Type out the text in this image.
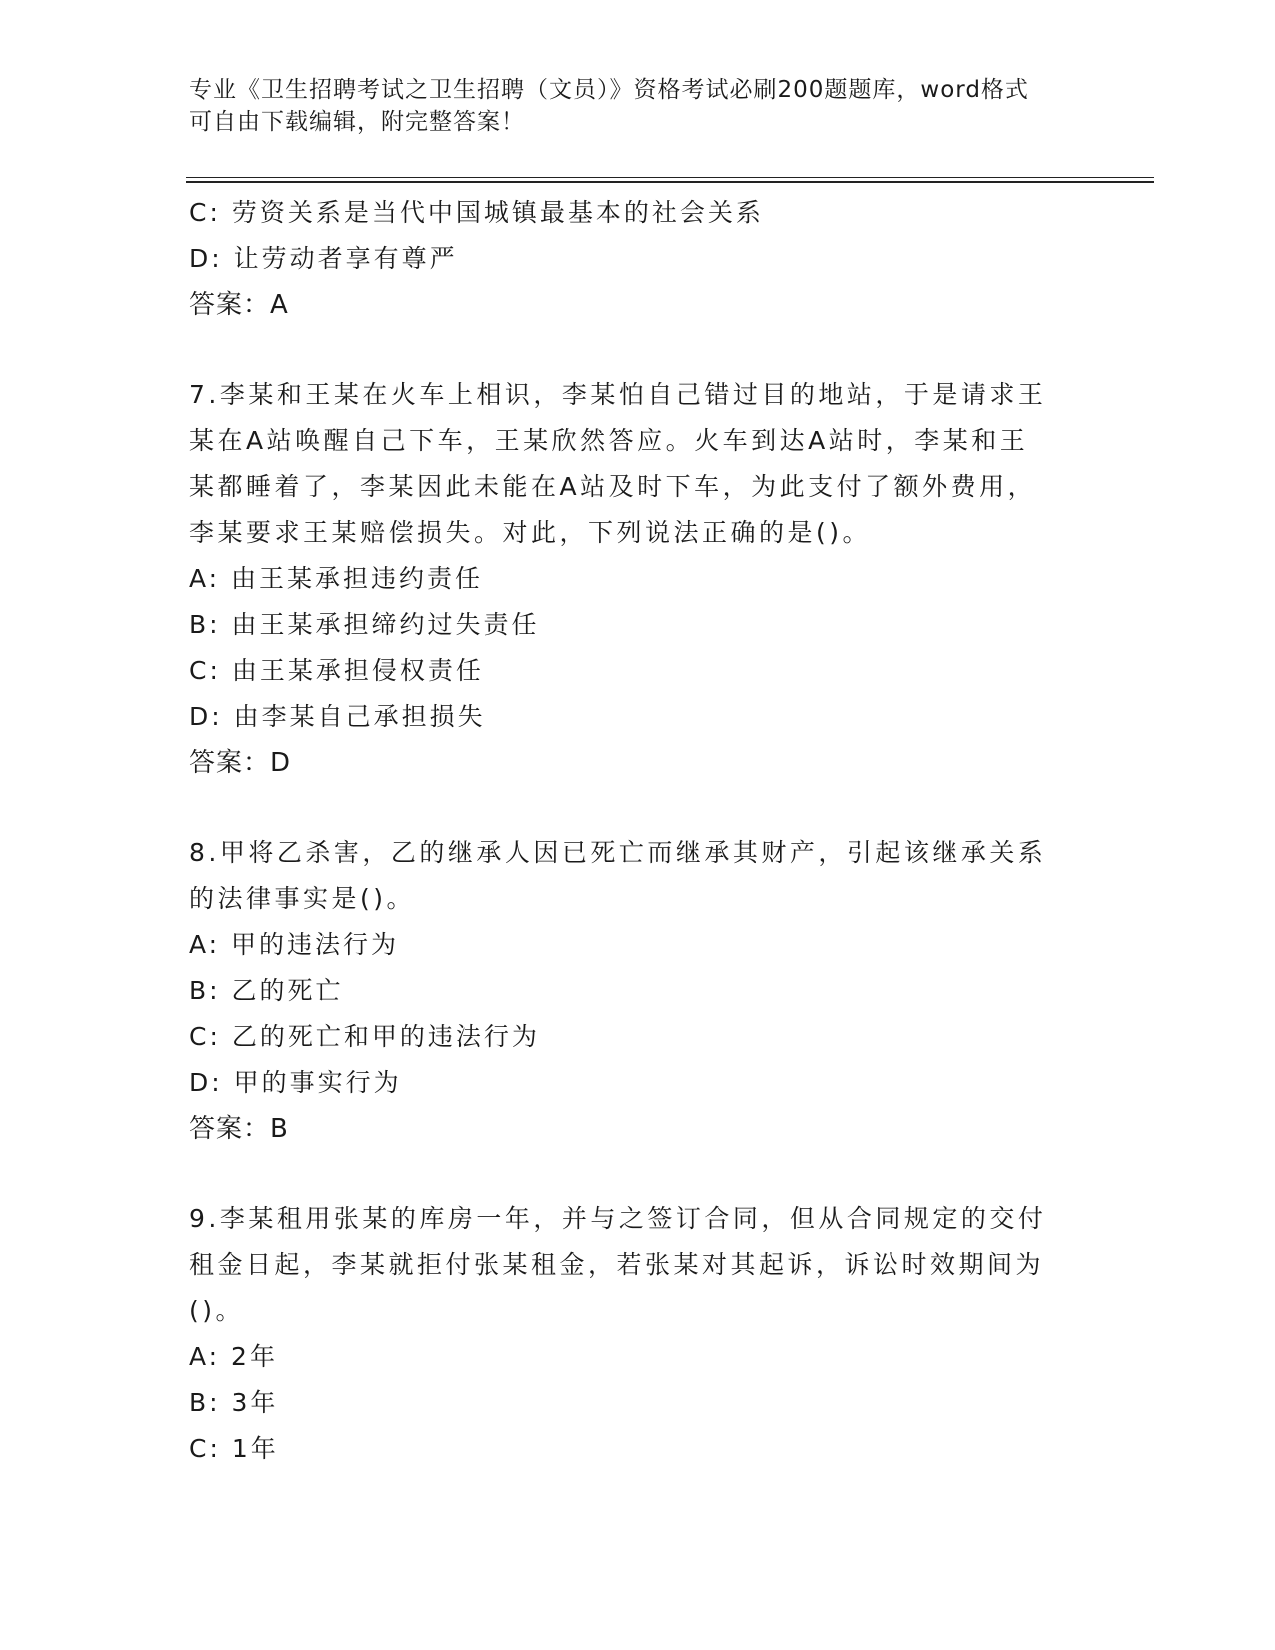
专业《卫生招聘考试之卫生招聘（文员）》资格考试必刷200题题库，word格式
可自由下载编辑，附完整答案！
C: 劳资关系是当代中国城镇最基本的社会关系
D: 让劳动者享有尊严
答案：A
7.李某和王某在火车上相识，李某怕自己错过目的地站，于是请求王
某在A站唤醒自己下车，王某欣然答应。火车到达A站时，李某和王
某都睡着了，李某因此未能在A站及时下车，为此支付了额外费用，
李某要求王某赔偿损失。对此，下列说法正确的是()。
A: 由王某承担违约责任
B: 由王某承担缔约过失责任
C: 由王某承担侵权责任
D: 由李某自己承担损失
答案：D
8.甲将乙杀害，乙的继承人因已死亡而继承其财产，引起该继承关系
的法律事实是()。
A: 甲的违法行为
B: 乙的死亡
C: 乙的死亡和甲的违法行为
D: 甲的事实行为
答案：B
9.李某租用张某的库房一年，并与之签订合同，但从合同规定的交付
租金日起，李某就拒付张某租金，若张某对其起诉，诉讼时效期间为
()。
A: 2年
B: 3年
C: 1年
